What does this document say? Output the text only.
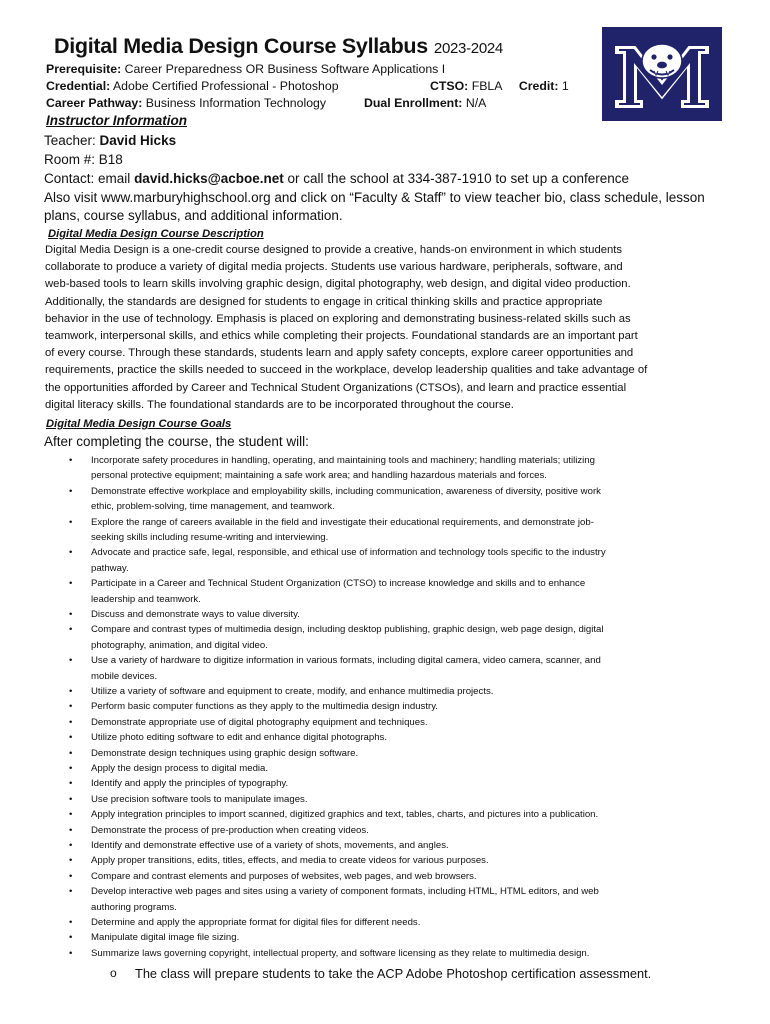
Digital Media Design Course Syllabus 2023-2024
Prerequisite: Career Preparedness OR Business Software Applications I
Credential: Adobe Certified Professional - Photoshop	CTSO: FBLA Credit: 1
Career Pathway: Business Information Technology	Dual Enrollment: N/A
Instructor Information
Teacher: David Hicks
Room #: B18
Contact: email david.hicks@acboe.net or call the school at 334-387-1910 to set up a conference
Also visit www.marburyhighschool.org and click on “Faculty & Staff” to view teacher bio, class schedule, lesson
plans, course syllabus, and additional information.
Digital Media Design Course Description
Digital Media Design is a one-credit course designed to provide a creative, hands-on environment in which students
collaborate to produce a variety of digital media projects. Students use various hardware, peripherals, software, and
web-based tools to learn skills involving graphic design, digital photography, web design, and digital video production.
Additionally, the standards are designed for students to engage in critical thinking skills and practice appropriate
behavior in the use of technology. Emphasis is placed on exploring and demonstrating business-related skills such as
teamwork, interpersonal skills, and ethics while completing their projects. Foundational standards are an important part
of every course. Through these standards, students learn and apply safety concepts, explore career opportunities and
requirements, practice the skills needed to succeed in the workplace, develop leadership qualities and take advantage of
the opportunities afforded by Career and Technical Student Organizations (CTSOs), and learn and practice essential
digital literacy skills. The foundational standards are to be incorporated throughout the course.
Digital Media Design Course Goals
After completing the course, the student will:
• Incorporate safety procedures in handling, operating, and maintaining tools and machinery; handling materials; utilizing
personal protective equipment; maintaining a safe work area; and handling hazardous materials and forces.
• Demonstrate effective workplace and employability skills, including communication, awareness of diversity, positive work
ethic, problem-solving, time management, and teamwork.
• Explore the range of careers available in the field and investigate their educational requirements, and demonstrate job-
seeking skills including resume-writing and interviewing.
• Advocate and practice safe, legal, responsible, and ethical use of information and technology tools specific to the industry
pathway.
• Participate in a Career and Technical Student Organization (CTSO) to increase knowledge and skills and to enhance
leadership and teamwork.
• Discuss and demonstrate ways to value diversity.
• Compare and contrast types of multimedia design, including desktop publishing, graphic design, web page design, digital
photography, animation, and digital video.
• Use a variety of hardware to digitize information in various formats, including digital camera, video camera, scanner, and
mobile devices.
• Utilize a variety of software and equipment to create, modify, and enhance multimedia projects.
• Perform basic computer functions as they apply to the multimedia design industry.
• Demonstrate appropriate use of digital photography equipment and techniques.
• Utilize photo editing software to edit and enhance digital photographs.
• Demonstrate design techniques using graphic design software.
• Apply the design process to digital media.
• Identify and apply the principles of typography.
• Use precision software tools to manipulate images.
• Apply integration principles to import scanned, digitized graphics and text, tables, charts, and pictures into a publication.
• Demonstrate the process of pre-production when creating videos.
• Identify and demonstrate effective use of a variety of shots, movements, and angles.
• Apply proper transitions, edits, titles, effects, and media to create videos for various purposes.
• Compare and contrast elements and purposes of websites, web pages, and web browsers.
• Develop interactive web pages and sites using a variety of component formats, including HTML, HTML editors, and web
authoring programs.
• Determine and apply the appropriate format for digital files for different needs.
• Manipulate digital image file sizing.
• Summarize laws governing copyright, intellectual property, and software licensing as they relate to multimedia design.
o The class will prepare students to take the ACP Adobe Photoshop certification assessment.
